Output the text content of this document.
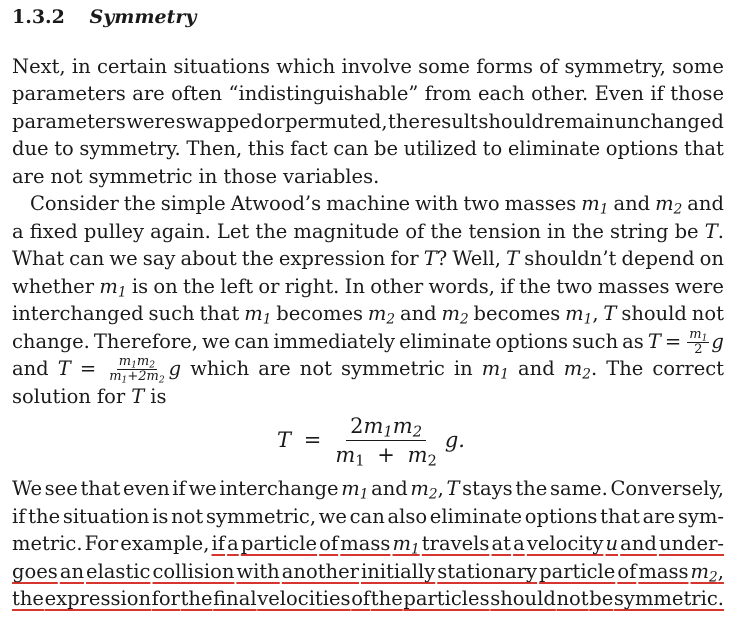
1.3.2 Symmetry
Next, in certain situations which involve some forms of symmetry, some
parameters are often “indistinguishable” from each other. Even if those
parameters were swapped or permuted, the result should remain unchanged
due to symmetry. Then, this fact can be utilized to eliminate options that
are not symmetric in those variables.
Consider the simple Atwood’s machine with two masses $m_1$ and $m_2$ and
a fixed pulley again. Let the magnitude of the tension in the string be T.
What can we say about the expression for T? Well, T shouldn’t depend on
whether $m_1$ is on the left or right. In other words, if the two masses were
interchanged such that $m_1$ becomes $m_2$ and $m_2$ becomes $m_1$, T should not
change. Therefore, we can immediately eliminate options such as $T = \frac{m_1}{2}$ g
and $T = \frac{m_1m_2}{m_1+2m_2}$ g which are not symmetric in $m_1$ and $m_2$. The correct
solution for T is
$T = \frac{2m_1m_2}{m_1 + m_2} g$.
We see that even if we interchange $m_1$ and $m_2$, T stays the same. Conversely,
if the situation is not symmetric, we can also eliminate options that are sym-
metric. For example, if a particle of mass $m_1$ travels at a velocity u and under-
goes an elastic collision with another initially stationary particle of mass $m_2$,
the expression for the final velocities of the particles should not be symmetric.
